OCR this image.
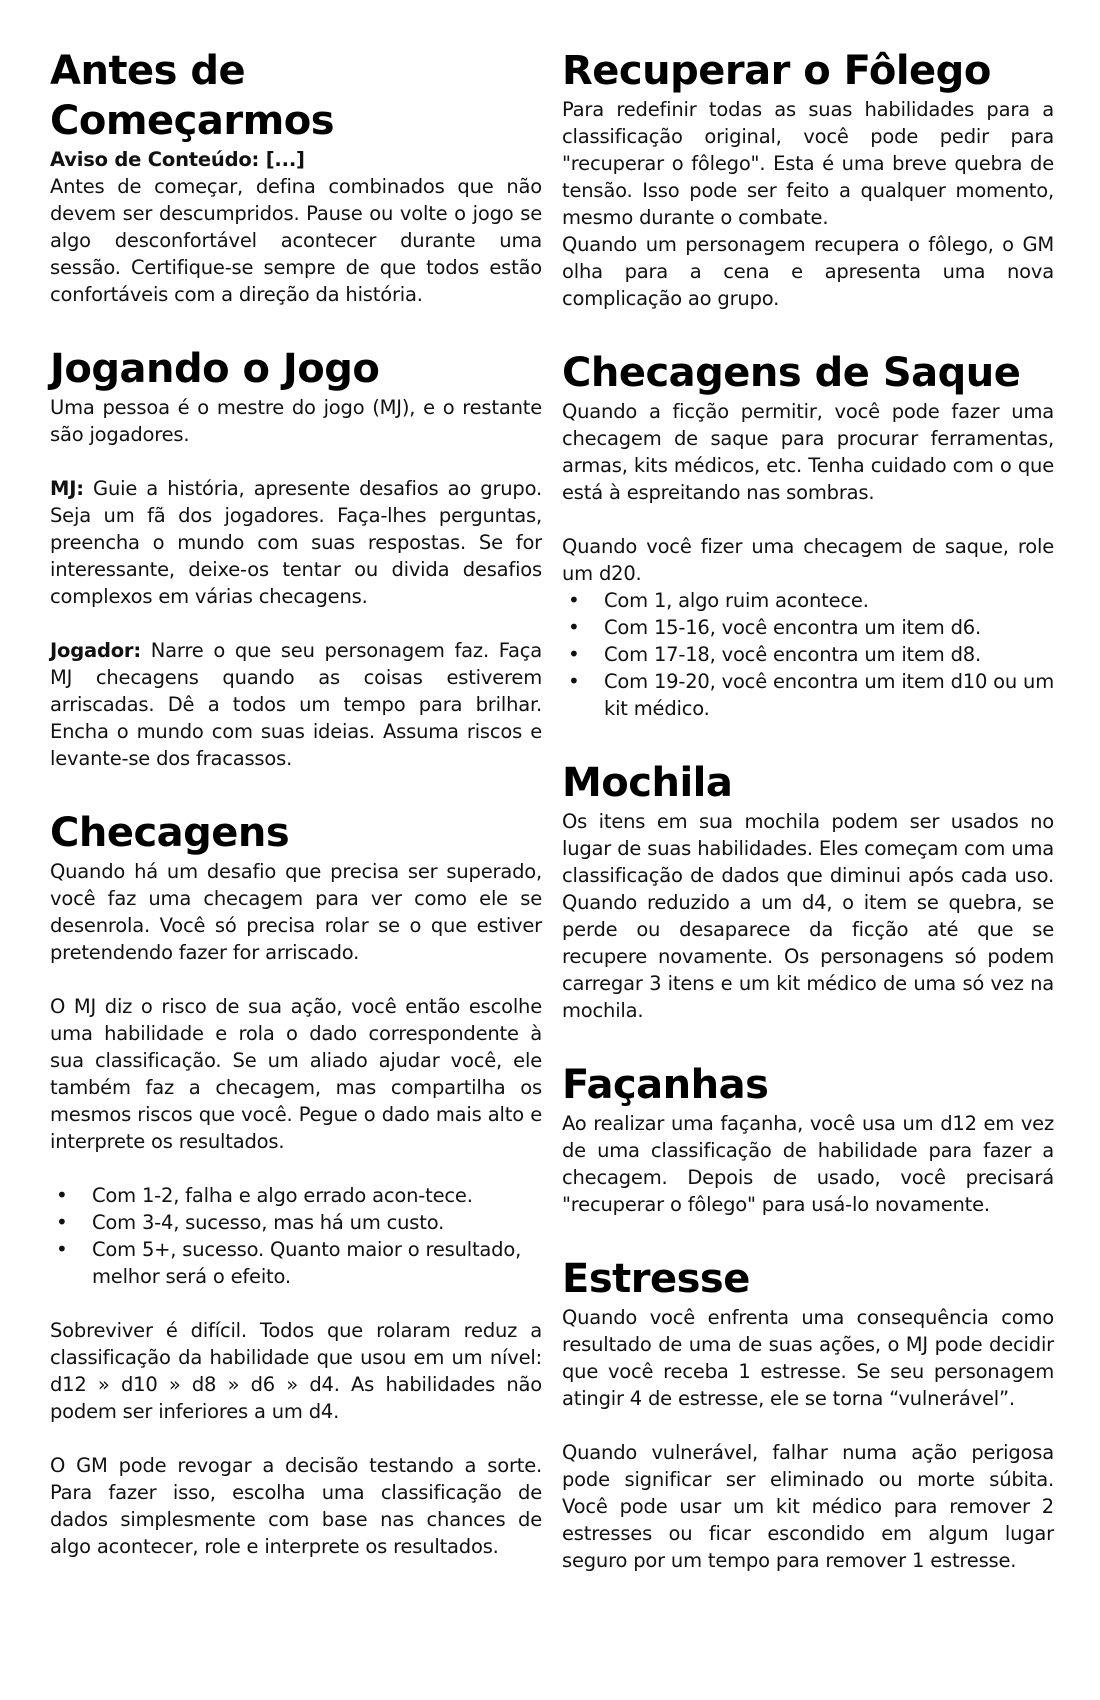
Antes de Começarmos

Aviso de Conteúdo: [...]

Antes de começar, defina combinados que não devem ser descumpridos. Pause ou volte o jogo se algo desconfortável acontecer durante uma sessão. Certifique-se sempre de que todos estão confortáveis com a direção da história.

Jogando o Jogo

Uma pessoa é o mestre do jogo (MJ), e o restante são jogadores.

MJ: Guie a história, apresente desafios ao grupo. Seja um fã dos jogadores. Faça-lhes perguntas, preencha o mundo com suas respostas. Se for interessante, deixe-os tentar ou divida desafios complexos em várias checagens.

Jogador: Narre o que seu personagem faz. Faça MJ checagens quando as coisas estiverem arriscadas. Dê a todos um tempo para brilhar. Encha o mundo com suas ideias. Assuma riscos e levante-se dos fracassos.

Checagens

Quando há um desafio que precisa ser superado, você faz uma checagem para ver como ele se desenrola. Você só precisa rolar se o que estiver pretendendo fazer for arriscado.

O MJ diz o risco de sua ação, você então escolhe uma habilidade e rola o dado correspondente à sua classificação. Se um aliado ajudar você, ele também faz a checagem, mas compartilha os mesmos riscos que você. Pegue o dado mais alto e interprete os resultados.

• Com 1-2, falha e algo errado acon-tece.
• Com 3-4, sucesso, mas há um custo.
• Com 5+, sucesso. Quanto maior o resultado, melhor será o efeito.

Sobreviver é difícil. Todos que rolaram reduz a classificação da habilidade que usou em um nível: d12 » d10 » d8 » d6 » d4. As habilidades não podem ser inferiores a um d4.

O GM pode revogar a decisão testando a sorte. Para fazer isso, escolha uma classificação de dados simplesmente com base nas chances de algo acontecer, role e interprete os resultados.

Recuperar o Fôlego

Para redefinir todas as suas habilidades para a classificação original, você pode pedir para "recuperar o fôlego". Esta é uma breve quebra de tensão. Isso pode ser feito a qualquer momento, mesmo durante o combate.

Quando um personagem recupera o fôlego, o GM olha para a cena e apresenta uma nova complicação ao grupo.

Checagens de Saque

Quando a ficção permitir, você pode fazer uma checagem de saque para procurar ferramentas, armas, kits médicos, etc. Tenha cuidado com o que está à espreitando nas sombras.

Quando você fizer uma checagem de saque, role um d20.

• Com 1, algo ruim acontece.
• Com 15-16, você encontra um item d6.
• Com 17-18, você encontra um item d8.
• Com 19-20, você encontra um item d10 ou um kit médico.
Mochila

Os itens em sua mochila podem ser usados no lugar de suas habilidades. Eles começam com uma classificação de dados que diminui após cada uso. Quando reduzido a um d4, o item se quebra, se perde ou desaparece da ficção até que se recupere novamente. Os personagens só podem carregar 3 itens e um kit médico de uma só vez na mochila.

Façanhas

Ao realizar uma façanha, você usa um d12 em vez de uma classificação de habilidade para fazer a checagem. Depois de usado, você precisará "recuperar o fôlego" para usá-lo novamente.

Estresse

Quando você enfrenta uma consequência como resultado de uma de suas ações, o MJ pode decidir que você receba 1 estresse. Se seu personagem atingir 4 de estresse, ele se torna “vulnerável”.

Quando vulnerável, falhar numa ação perigosa pode significar ser eliminado ou morte súbita. Você pode usar um kit médico para remover 2 estresses ou ficar escondido em algum lugar seguro por um tempo para remover 1 estresse.
